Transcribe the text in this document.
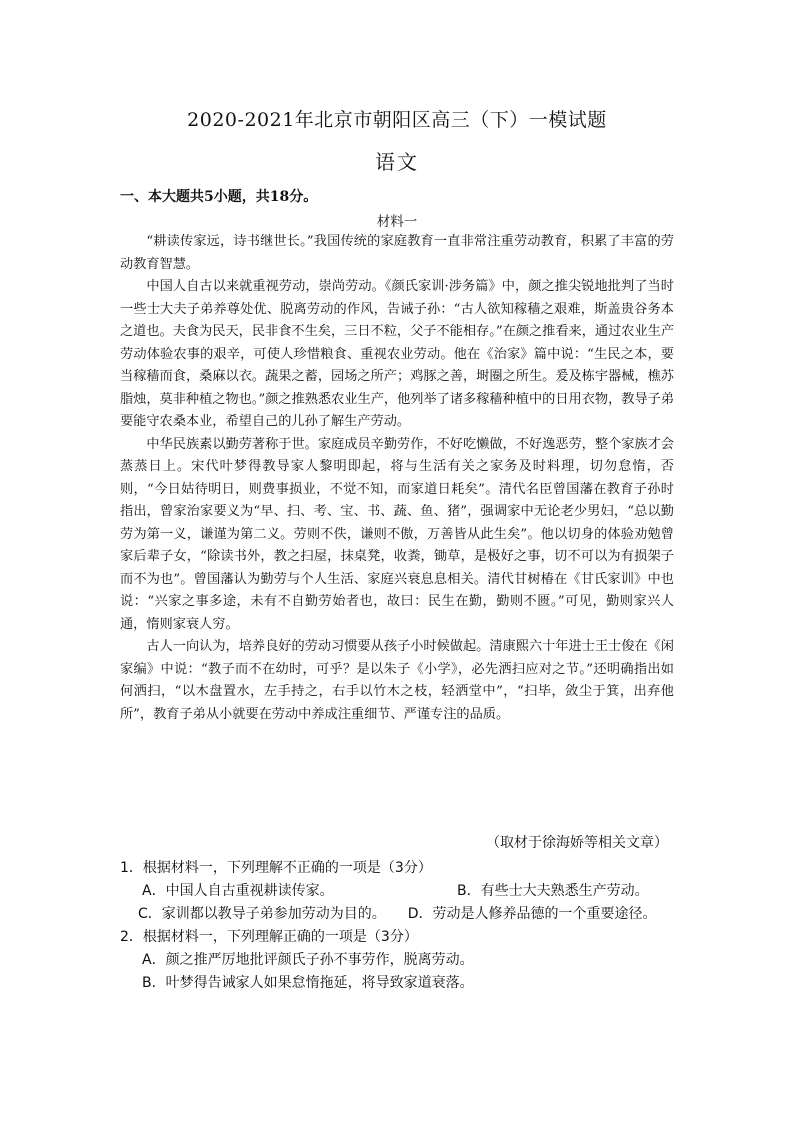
2020-2021年北京市朝阳区高三（下）一模试题
语文
一、本大题共5小题，共18分。
材料一

“耕读传家远，诗书继世长。”我国传统的家庭教育一直非常注重劳动教育，积累了丰富的劳动教育智慧。

中国人自古以来就重视劳动，崇尚劳动。《颜氏家训·涉务篇》中，颜之推尖锐地批判了当时一些士大夫子弟养尊处优、脱离劳动的作风，告诫子孙：“古人欲知稼穑之艰难，斯盖贵谷务本之道也。夫食为民天，民非食不生矣，三日不粒，父子不能相存。”在颜之推看来，通过农业生产劳动体验农事的艰辛，可使人珍惜粮食、重视农业劳动。他在《治家》篇中说：“生民之本，要当稼穑而食，桑麻以衣。蔬果之蓄，园场之所产；鸡豚之善，埘圈之所生。爰及栋宇器械，樵苏脂烛，莫非种植之物也。”颜之推熟悉农业生产，他列举了诸多稼穑种植中的日用衣物，教导子弟要能守农桑本业，希望自己的儿孙了解生产劳动。

中华民族素以勤劳著称于世。家庭成员辛勤劳作，不好吃懒做，不好逸恶劳，整个家族才会蒸蒸日上。宋代叶梦得教导家人黎明即起，将与生活有关之家务及时料理，切勿怠惰，否则，“今日姑待明日，则费事损业，不觉不知，而家道日耗矣”。清代名臣曾国藩在教育子孙时指出，曾家治家要义为“早、扫、考、宝、书、蔬、鱼、猪”，强调家中无论老少男妇，“总以勤劳为第一义，谦谨为第二义。劳则不佚，谦则不傲，万善皆从此生矣”。他以切身的体验劝勉曾家后辈子女，“除读书外，教之扫屋，抹桌凳，收粪，锄草，是极好之事，切不可以为有损架子而不为也”。曾国藩认为勤劳与个人生活、家庭兴衰息息相关。清代甘树椿在《甘氏家训》中也说：“兴家之事多途，未有不自勤劳始者也，故曰：民生在勤，勤则不匮。”可见，勤则家兴人通，惰则家衰人穷。

古人一向认为，培养良好的劳动习惯要从孩子小时候做起。清康熙六十年进士王士俊在《闲家编》中说：“教子而不在幼时，可乎？是以朱子《小学》，必先洒扫应对之节。”还明确指出如何洒扫，“以木盘置水，左手持之，右手以竹木之枝，轻洒堂中”，“扫毕，敛尘于箕，出弃他所”，教育子弟从小就要在劳动中养成注重细节、严谨专注的品质。

（取材于徐海娇等相关文章）
1．根据材料一，下列理解不正确的一项是（3分）
A．中国人自古重视耕读传家。	B．有些士大夫熟悉生产劳动。
C．家训都以教导子弟参加劳动为目的。 D．劳动是人修养品德的一个重要途径。
2．根据材料一，下列理解正确的一项是（3分）
A．颜之推严厉地批评颜氏子孙不事劳作，脱离劳动。
B．叶梦得告诫家人如果怠惰拖延，将导致家道衰落。
